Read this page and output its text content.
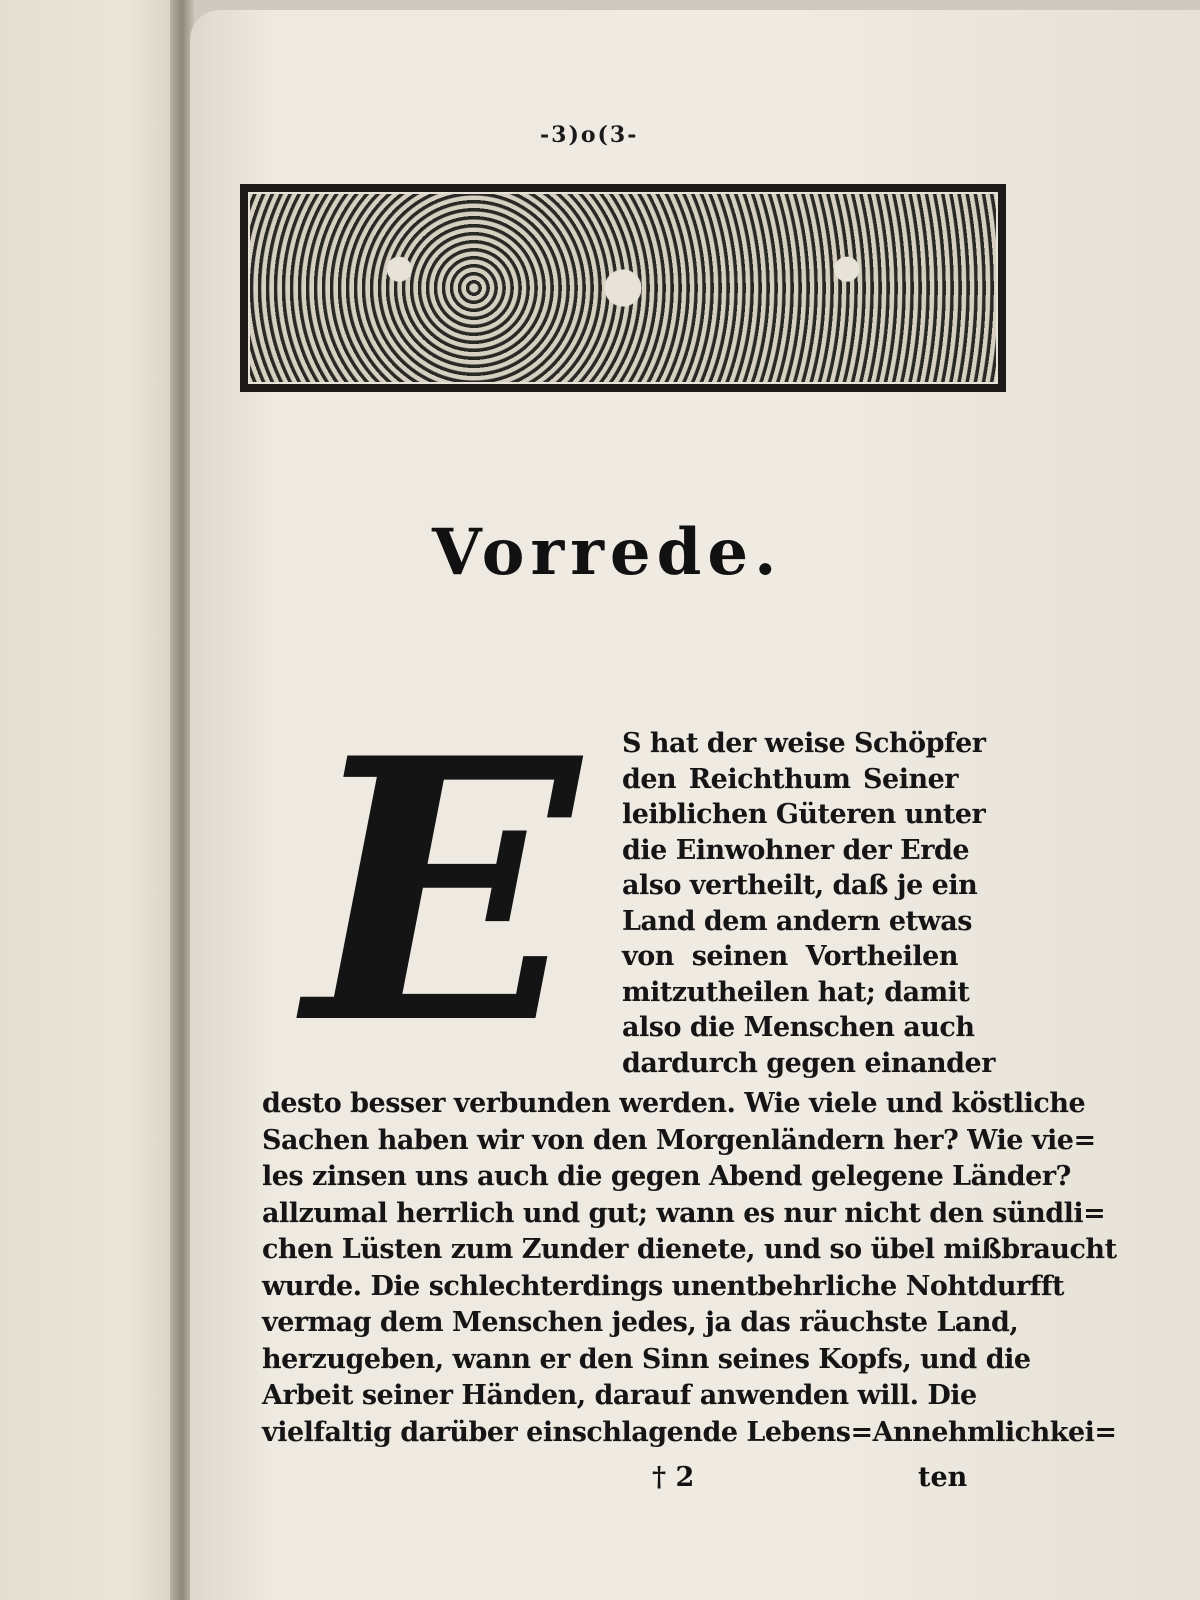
-3)o(3-
Vorrede.
E	S hat der weise Schöpfer
den Reichthum Seiner
leiblichen Güteren unter
die Einwohner der Erde
also vertheilt, daß je ein
Land dem andern etwas
von seinen Vortheilen
mitzutheilen hat; damit
also die Menschen auch
dardurch gegen einander
desto besser verbunden werden. Wie viele und köstliche
Sachen haben wir von den Morgenländern her? Wie vie=
les zinsen uns auch die gegen Abend gelegene Länder?
allzumal herrlich und gut; wann es nur nicht den sündli=
chen Lüsten zum Zunder dienete, und so übel mißbraucht
wurde. Die schlechterdings unentbehrliche Nohtdurfft
vermag dem Menschen jedes, ja das räuchste Land,
herzugeben, wann er den Sinn seines Kopfs, und die
Arbeit seiner Händen, darauf anwenden will. Die
vielfaltig darüber einschlagende Lebens=Annehmlichkei=
† 2	ten
